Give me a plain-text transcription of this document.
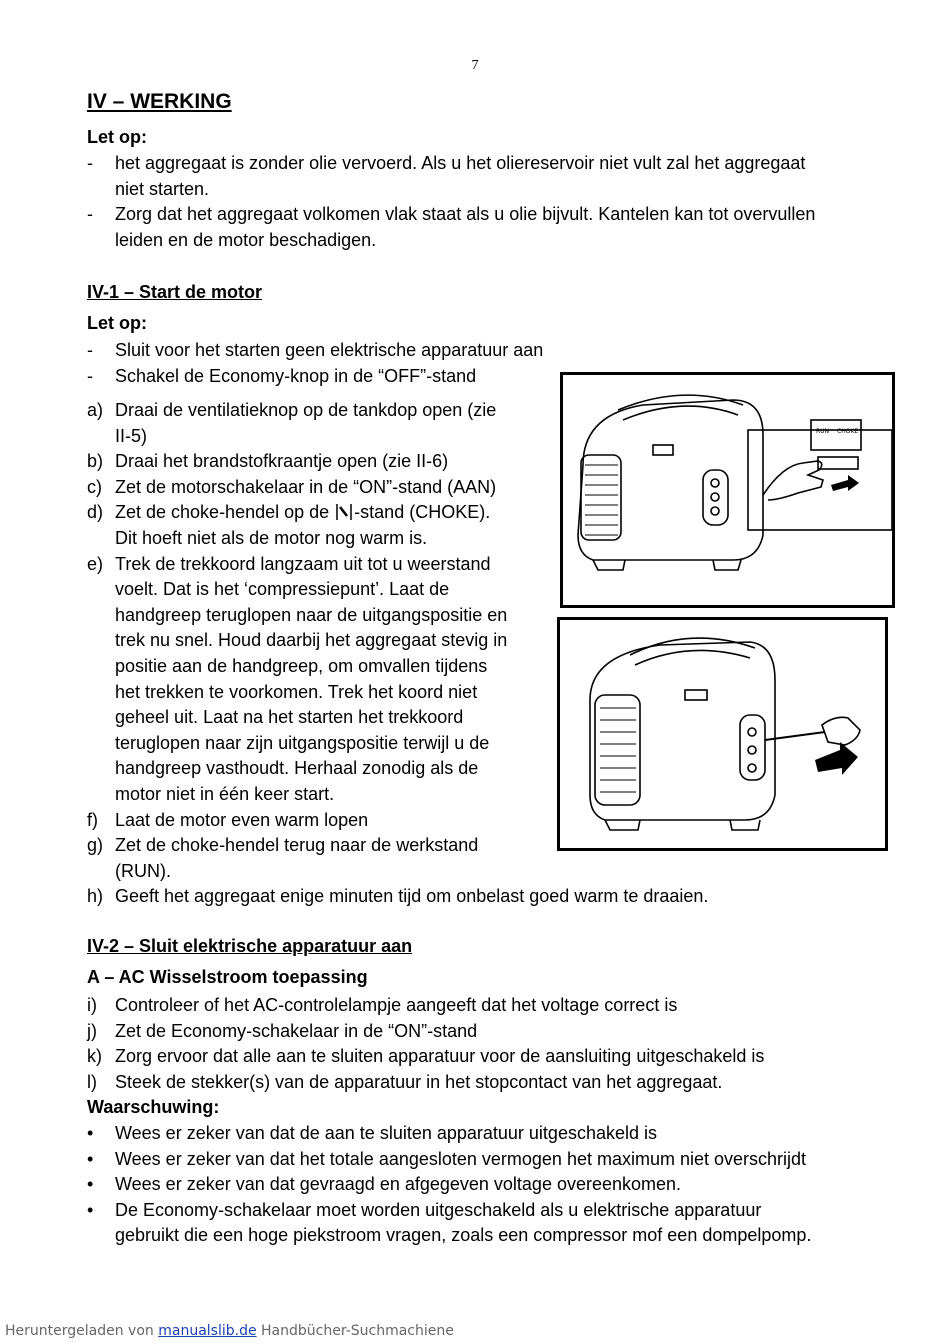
7
IV – WERKING
Let op:
- het aggregaat is zonder olie vervoerd. Als u het oliereservoir niet vult zal het aggregaat
niet starten.
- Zorg dat het aggregaat volkomen vlak staat als u olie bijvult. Kantelen kan tot overvullen
leiden en de motor beschadigen.
IV-1 – Start de motor
Let op:
- Sluit voor het starten geen elektrische apparatuur aan
- Schakel de Economy-knop in de “OFF”-stand
a) Draai de ventilatieknop op de tankdop open (zie
II-5)
b) Draai het brandstofkraantje open (zie II-6)
c) Zet de motorschakelaar in de “ON”-stand (AAN)
d) Zet de choke-hendel op de -stand (CHOKE).
Dit hoeft niet als de motor nog warm is.
e) Trek de trekkoord langzaam uit tot u weerstand
voelt. Dat is het ‘compressiepunt’. Laat de
handgreep teruglopen naar de uitgangspositie en
trek nu snel. Houd daarbij het aggregaat stevig in
positie aan de handgreep, om omvallen tijdens
het trekken te voorkomen. Trek het koord niet
geheel uit. Laat na het starten het trekkoord
teruglopen naar zijn uitgangspositie terwijl u de
handgreep vasthoudt. Herhaal zonodig als de
motor niet in één keer start.
f) Laat de motor even warm lopen
g) Zet de choke-hendel terug naar de werkstand
(RUN).
h) Geeft het aggregaat enige minuten tijd om onbelast goed warm te draaien.
IV-2 – Sluit elektrische apparatuur aan
A – AC Wisselstroom toepassing
i) Controleer of het AC-controlelampje aangeeft dat het voltage correct is
j) Zet de Economy-schakelaar in de “ON”-stand
k) Zorg ervoor dat alle aan te sluiten apparatuur voor de aansluiting uitgeschakeld is
l) Steek de stekker(s) van de apparatuur in het stopcontact van het aggregaat.
Waarschuwing:
• Wees er zeker van dat de aan te sluiten apparatuur uitgeschakeld is
• Wees er zeker van dat het totale aangesloten vermogen het maximum niet overschrijdt
• Wees er zeker van dat gevraagd en afgegeven voltage overeenkomen.
• De Economy-schakelaar moet worden uitgeschakeld als u elektrische apparatuur
gebruikt die een hoge piekstroom vragen, zoals een compressor mof een dompelpomp.
RUN CHOKE
Heruntergeladen von manualslib.de Handbücher-Suchmachiene
